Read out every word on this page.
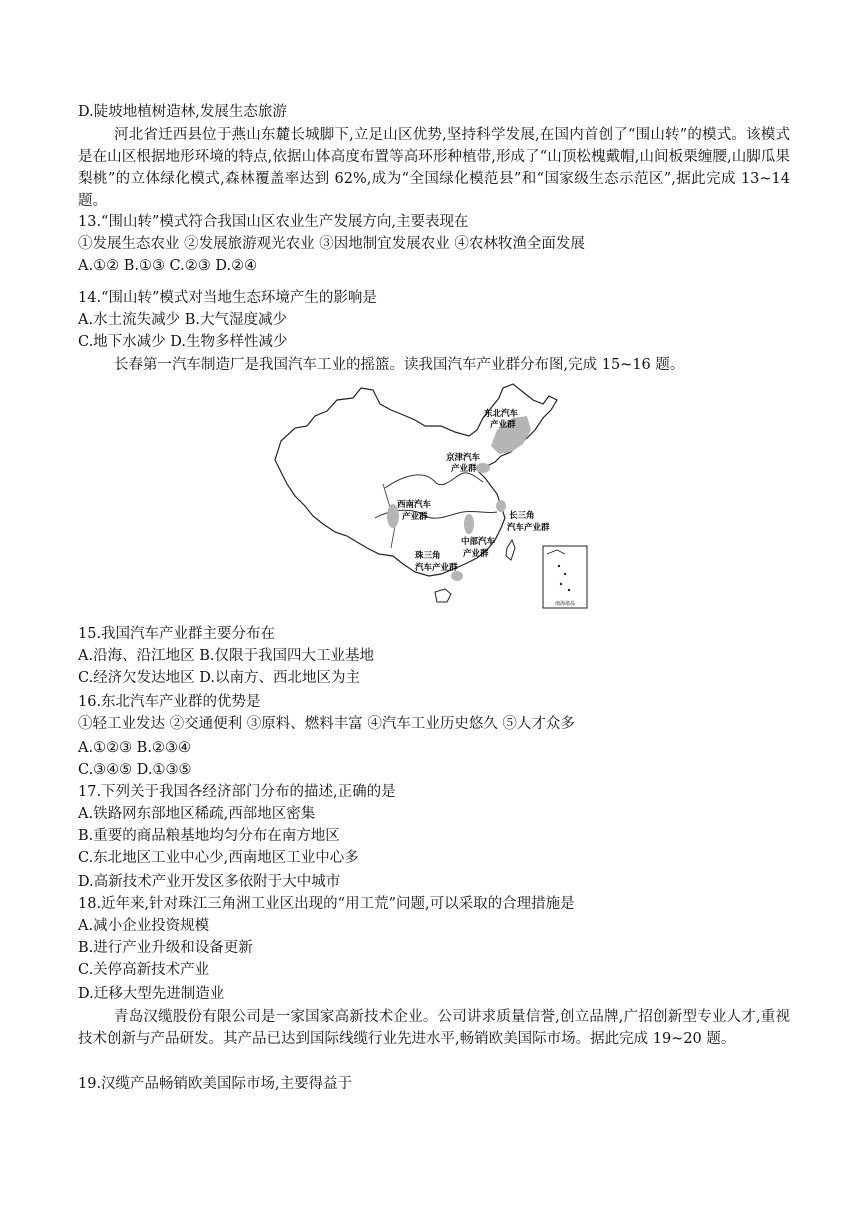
D.陡坡地植树造林,发展生态旅游
河北省迁西县位于燕山东麓长城脚下,立足山区优势,坚持科学发展,在国内首创了“围山转”的模式。该模式是在山区根据地形环境的特点,依据山体高度布置等高环形种植带,形成了“山顶松槐戴帽,山间板栗缠腰,山脚瓜果梨桃”的立体绿化模式,森林覆盖率达到 62%,成为“全国绿化模范县”和“国家级生态示范区”,据此完成 13~14 题。
13.“围山转”模式符合我国山区农业生产发展方向,主要表现在
①发展生态农业 ②发展旅游观光农业 ③因地制宜发展农业 ④农林牧渔全面发展
A.①② B.①③ C.②③ D.②④
14.“围山转”模式对当地生态环境产生的影响是
A.水土流失减少 B.大气湿度减少
C.地下水减少 D.生物多样性减少
长春第一汽车制造厂是我国汽车工业的摇篮。读我国汽车产业群分布图,完成 15~16 题。
东北汽车
产业群
京津汽车
产业群
西南汽车
产业群	长三角
汽车产业群
中部汽车
产业群
珠三角
汽车产业群
南海诸岛
15.我国汽车产业群主要分布在
A.沿海、沿江地区 B.仅限于我国四大工业基地
C.经济欠发达地区 D.以南方、西北地区为主
16.东北汽车产业群的优势是
①轻工业发达 ②交通便利 ③原料、燃料丰富 ④汽车工业历史悠久 ⑤人才众多
A.①②③ B.②③④
C.③④⑤ D.①③⑤
17.下列关于我国各经济部门分布的描述,正确的是
A.铁路网东部地区稀疏,西部地区密集
B.重要的商品粮基地均匀分布在南方地区
C.东北地区工业中心少,西南地区工业中心多
D.高新技术产业开发区多依附于大中城市
18.近年来,针对珠江三角洲工业区出现的“用工荒”问题,可以采取的合理措施是
A.减小企业投资规模
B.进行产业升级和设备更新
C.关停高新技术产业
D.迁移大型先进制造业
青岛汉缆股份有限公司是一家国家高新技术企业。公司讲求质量信誉,创立品牌,广招创新型专业人才,重视技术创新与产品研发。其产品已达到国际线缆行业先进水平,畅销欧美国际市场。据此完成 19~20 题。
19.汉缆产品畅销欧美国际市场,主要得益于
